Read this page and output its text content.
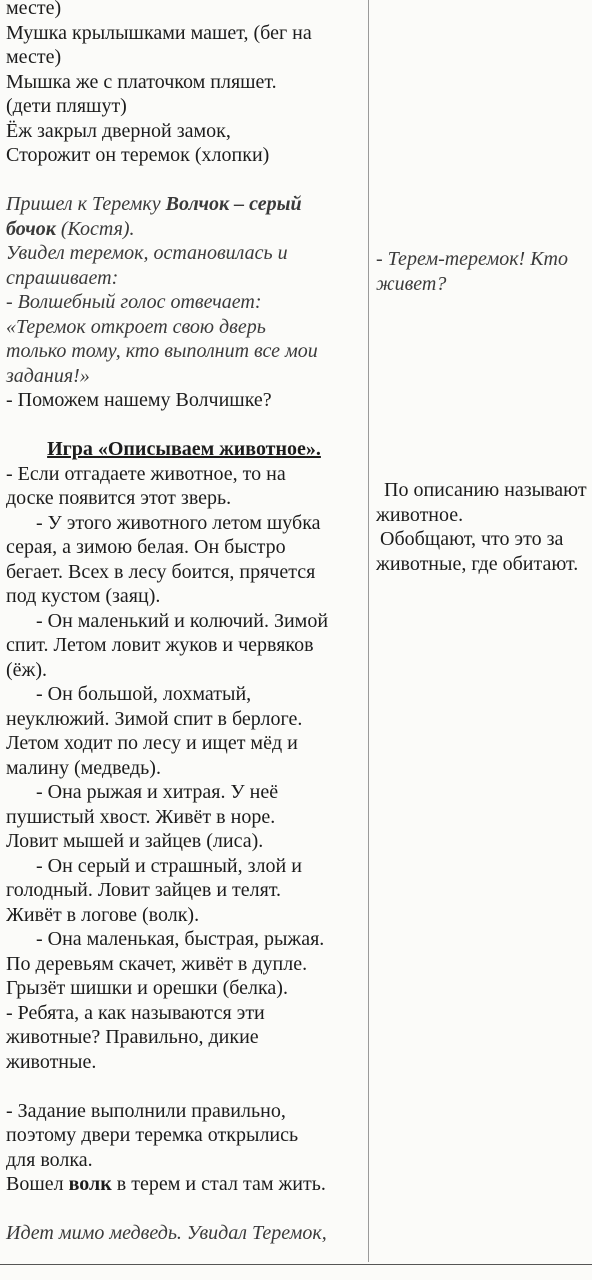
месте)
Мушка крылышками машет, (бег на
месте)
Мышка же с платочком пляшет.
(дети пляшут)
Ёж закрыл дверной замок,
Сторожит он теремок (хлопки)
Пришел к Теремку Волчок – серый
бочок (Костя).
Увидел теремок, остановилась и
спрашивает:
- Волшебный голос отвечает:
«Теремок откроет свою дверь
только тому, кто выполнит все мои
задания!»
- Поможем нашему Волчишке?
Игра «Описываем животное».
- Если отгадаете животное, то на
доске появится этот зверь.
- У этого животного летом шубка
серая, а зимою белая. Он быстро
бегает. Всех в лесу боится, прячется
под кустом (заяц).
- Он маленький и колючий. Зимой
спит. Летом ловит жуков и червяков
(ёж).
- Он большой, лохматый,
неуклюжий. Зимой спит в берлоге.
Летом ходит по лесу и ищет мёд и
малину (медведь).
- Она рыжая и хитрая. У неё
пушистый хвост. Живёт в норе.
Ловит мышей и зайцев (лиса).
- Он серый и страшный, злой и
голодный. Ловит зайцев и телят.
Живёт в логове (волк).
- Она маленькая, быстрая, рыжая.
По деревьям скачет, живёт в дупле.
Грызёт шишки и орешки (белка).
- Ребята, а как называются эти
животные? Правильно, дикие
животные.
- Задание выполнили правильно,
поэтому двери теремка открылись
для волка.
Вошел волк в терем и стал там жить.
Идет мимо медведь. Увидал Теремок,
- Терем-теремок! Кто
живет?
По описанию называют
животное.
Обобщают, что это за
животные, где обитают.
